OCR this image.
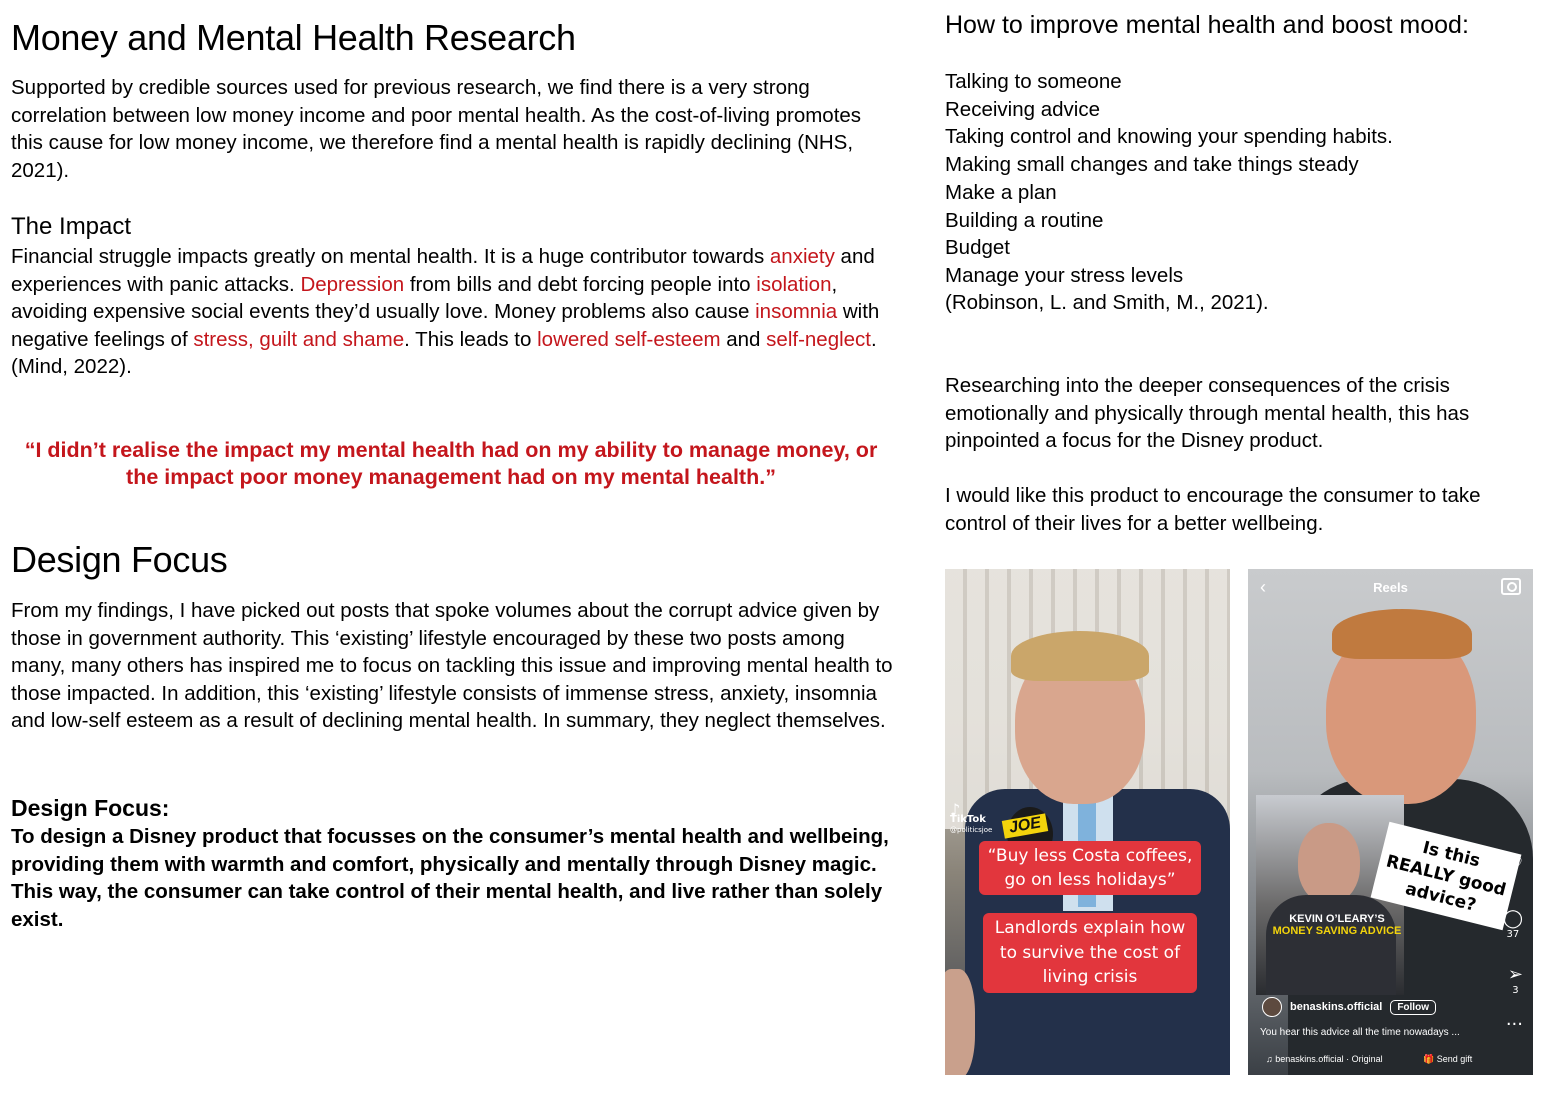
Money and Mental Health Research

Supported by credible sources used for previous research, we find there is a very strong correlation between low money income and poor mental health. As the cost-of-living promotes this cause for low money income, we therefore find a mental health is rapidly declining (NHS, 2021).

The Impact

Financial struggle impacts greatly on mental health. It is a huge contributor towards anxiety and experiences with panic attacks. Depression from bills and debt forcing people into isolation, avoiding expensive social events they’d usually love. Money problems also cause insomnia with negative feelings of stress, guilt and shame. This leads to lowered self-esteem and self-neglect. (Mind, 2022).

“I didn’t realise the impact my mental health had on my ability to manage money, or the impact poor money management had on my mental health.”

Design Focus

From my findings, I have picked out posts that spoke volumes about the corrupt advice given by those in government authority. This ‘existing’ lifestyle encouraged by these two posts among many, many others has inspired me to focus on tackling this issue and improving mental health to those impacted. In addition, this ‘existing’ lifestyle consists of immense stress, anxiety, insomnia and low-self esteem as a result of declining mental health. In summary, they neglect themselves.

Design Focus:

To design a Disney product that focusses on the consumer’s mental health and wellbeing, providing them with warmth and comfort, physically and mentally through Disney magic. This way, the consumer can take control of their mental health, and live rather than solely exist.

How to improve mental health and boost mood:
Talking to someone
Receiving advice
Taking control and knowing your spending habits.
Making small changes and take things steady
Make a plan
Building a routine
Budget
Manage your stress levels

(Robinson, L. and Smith, M., 2021).

Researching into the deeper consequences of the crisis emotionally and physically through mental health, this has pinpointed a focus for the Disney product.

I would like this product to encourage the consumer to take control of their lives for a better wellbeing.

JOE
♪
TikTok
@politicsjoe
“Buy less Costa coffees, go on less holidays”
Landlords explain how to survive the cost of living crisis
‹	Reels
KEVIN O’LEARY’S
MONEY SAVING ADVICE
Is this REALLY good advice?
♡
◯
37
➢
3
···
benaskins.official	Follow
You hear this advice all the time nowadays ...
♫ benaskins.official · Original	🎁 Send gift
